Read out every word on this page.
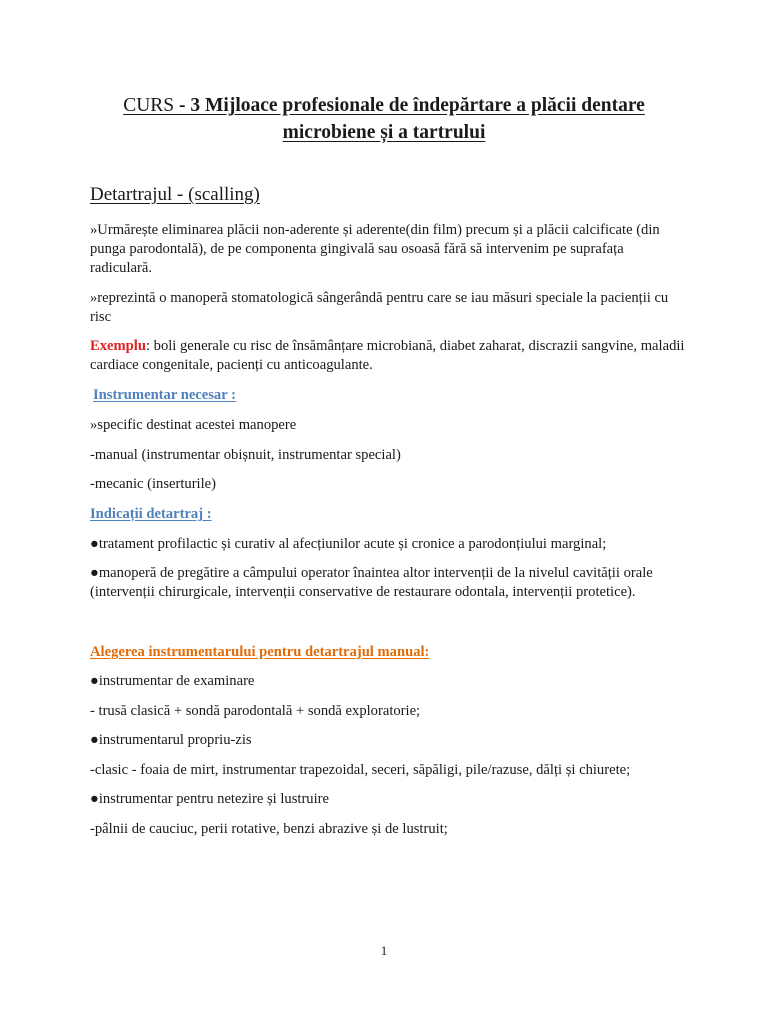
CURS - 3 Mijloace profesionale de îndepărtare a plăcii dentare
microbiene și a tartrului
Detartrajul - (scalling)

»Urmărește eliminarea plăcii non-aderente și aderente(din film) precum și a plăcii calcificate (din punga parodontală), de pe componenta gingivală sau osoasă fără să intervenim pe suprafața radiculară.

»reprezintă o manoperă stomatologică sângerândă pentru care se iau măsuri speciale la pacienții cu risc

Exemplu: boli generale cu risc de însămânțare microbiană, diabet zaharat, discrazii sangvine, maladii cardiace congenitale, pacienți cu anticoagulante.

Instrumentar necesar :

»specific destinat acestei manopere

-manual (instrumentar obișnuit, instrumentar special)

-mecanic (inserturile)

Indicații detartraj :

●tratament profilactic și curativ al afecțiunilor acute și cronice a parodonțiului marginal;

●manoperă de pregătire a câmpului operator înaintea altor intervenții de la nivelul cavității orale (intervenții chirurgicale, intervenții conservative de restaurare odontala, intervenții protetice).

Alegerea instrumentarului pentru detartrajul manual:

●instrumentar de examinare

- trusă clasică + sondă parodontală + sondă exploratorie;

●instrumentarul propriu-zis

-clasic - foaia de mirt, instrumentar trapezoidal, seceri, săpăligi, pile/razuse, dălți și chiurete;

●instrumentar pentru netezire și lustruire

-pâlnii de cauciuc, perii rotative, benzi abrazive și de lustruit;

1
